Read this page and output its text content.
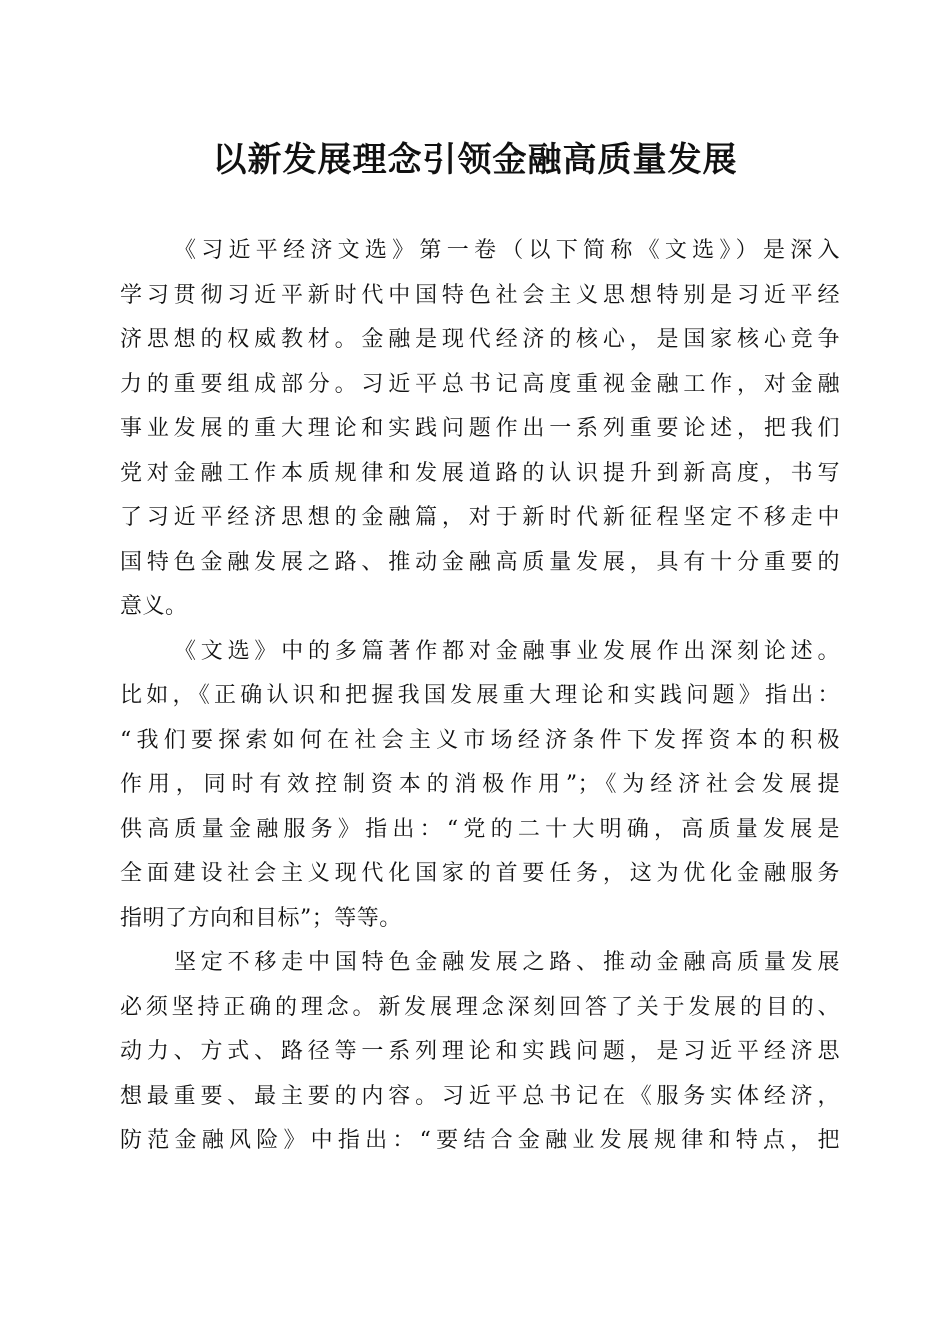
以新发展理念引领金融高质量发展
《习近平经济文选》第一卷（以下简称《文选》）是深入
学习贯彻习近平新时代中国特色社会主义思想特别是习近平经
济思想的权威教材。金融是现代经济的核心，是国家核心竞争
力的重要组成部分。习近平总书记高度重视金融工作，对金融
事业发展的重大理论和实践问题作出一系列重要论述，把我们
党对金融工作本质规律和发展道路的认识提升到新高度，书写
了习近平经济思想的金融篇，对于新时代新征程坚定不移走中
国特色金融发展之路、推动金融高质量发展，具有十分重要的
意义。
《文选》中的多篇著作都对金融事业发展作出深刻论述。
比如，《正确认识和把握我国发展重大理论和实践问题》指出：
“我们要探索如何在社会主义市场经济条件下发挥资本的积极
作用，同时有效控制资本的消极作用”；《为经济社会发展提
供高质量金融服务》指出：“党的二十大明确，高质量发展是
全面建设社会主义现代化国家的首要任务，这为优化金融服务
指明了方向和目标”；等等。
坚定不移走中国特色金融发展之路、推动金融高质量发展
必须坚持正确的理念。新发展理念深刻回答了关于发展的目的、
动力、方式、路径等一系列理论和实践问题，是习近平经济思
想最重要、最主要的内容。习近平总书记在《服务实体经济，
防范金融风险》中指出：“要结合金融业发展规律和特点，把
